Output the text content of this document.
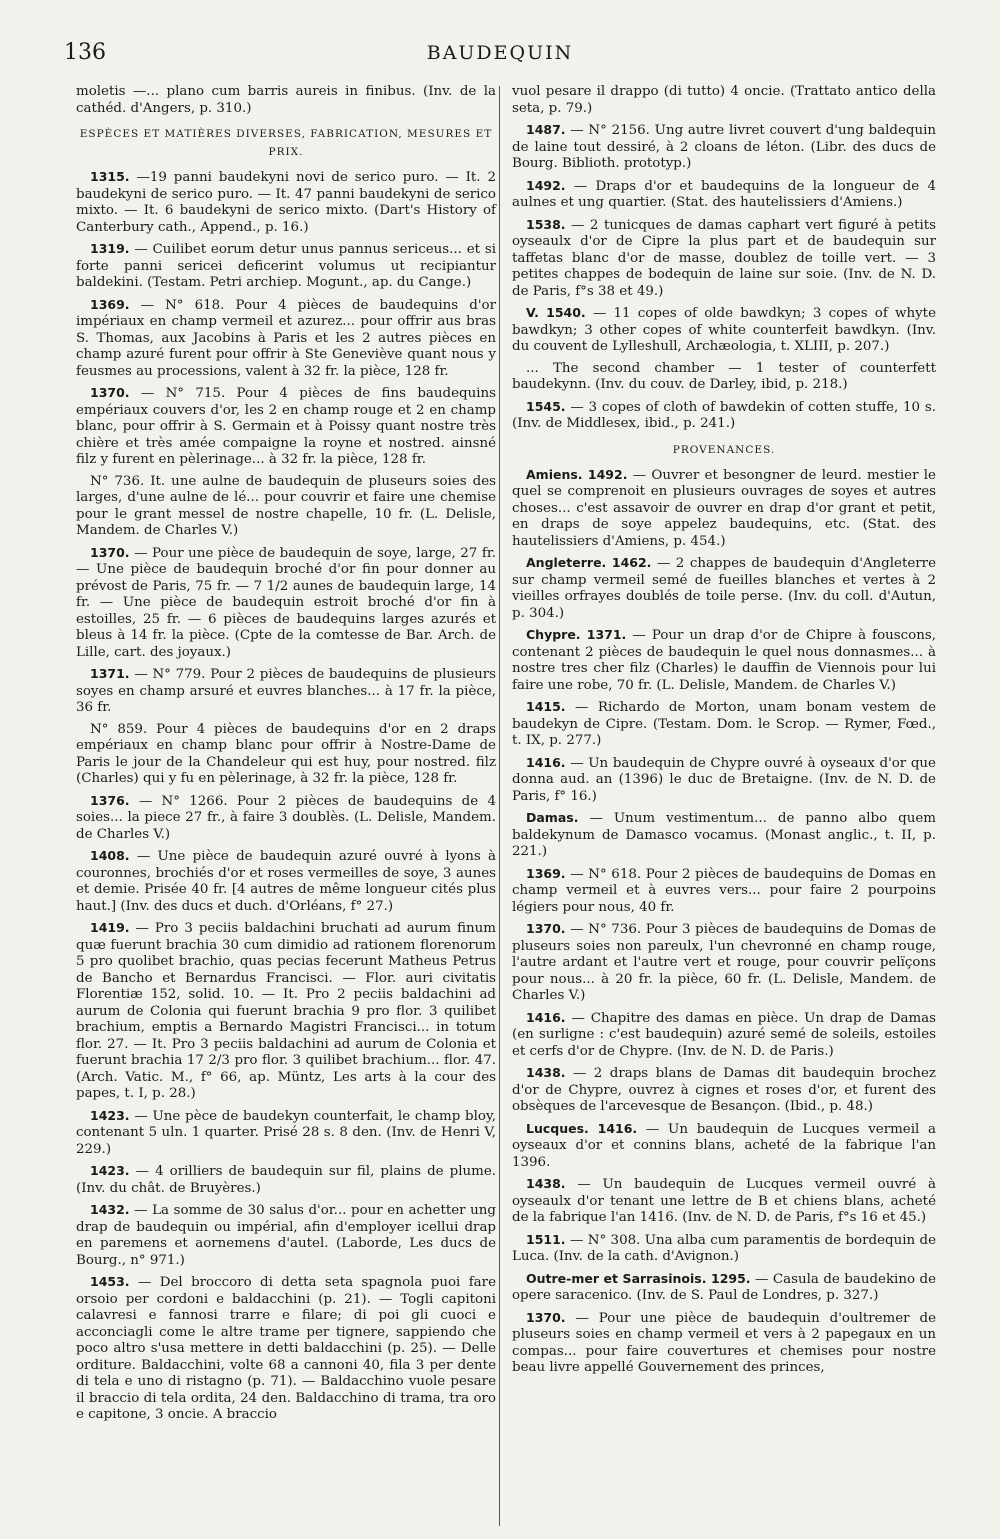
136	BAUDEQUIN

moletis —... plano cum barris aureis in finibus. (Inv. de la cathéd. d'Angers, p. 310.)

ESPÈCES ET MATIÈRES DIVERSES, FABRICATION, MESURES ET PRIX.

1315. —19 panni baudekyni novi de serico puro. — It. 2 baudekyni de serico puro. — It. 47 panni baudekyni de serico mixto. — It. 6 baudekyni de serico mixto. (Dart's History of Canterbury cath., Append., p. 16.)

1319. — Cuilibet eorum detur unus pannus sericeus... et si forte panni sericei deficerint volumus ut recipiantur baldekini. (Testam. Petri archiep. Mogunt., ap. du Cange.)

1369. — N° 618. Pour 4 pièces de baudequins d'or impériaux en champ vermeil et azurez... pour offrir aus bras S. Thomas, aux Jacobins à Paris et les 2 autres pièces en champ azuré furent pour offrir à Ste Geneviève quant nous y feusmes au processions, valent à 32 fr. la pièce, 128 fr.

1370. — N° 715. Pour 4 pièces de fins baudequins empériaux couvers d'or, les 2 en champ rouge et 2 en champ blanc, pour offrir à S. Germain et à Poissy quant nostre très chière et très amée compaigne la royne et nostred. ainsné filz y furent en pèlerinage... à 32 fr. la pièce, 128 fr.

N° 736. It. une aulne de baudequin de pluseurs soies des larges, d'une aulne de lé... pour couvrir et faire une chemise pour le grant messel de nostre chapelle, 10 fr. (L. Delisle, Mandem. de Charles V.)

1370. — Pour une pièce de baudequin de soye, large, 27 fr. — Une pièce de baudequin broché d'or fin pour donner au prévost de Paris, 75 fr. — 7 1/2 aunes de baudequin large, 14 fr. — Une pièce de baudequin estroit broché d'or fin à estoilles, 25 fr. — 6 pièces de baudequins larges azurés et bleus à 14 fr. la pièce. (Cpte de la comtesse de Bar. Arch. de Lille, cart. des joyaux.)

1371. — N° 779. Pour 2 pièces de baudequins de plusieurs soyes en champ arsuré et euvres blanches... à 17 fr. la pièce, 36 fr.

N° 859. Pour 4 pièces de baudequins d'or en 2 draps empériaux en champ blanc pour offrir à Nostre-Dame de Paris le jour de la Chandeleur qui est huy, pour nostred. filz (Charles) qui y fu en pèlerinage, à 32 fr. la pièce, 128 fr.

1376. — N° 1266. Pour 2 pièces de baudequins de 4 soies... la piece 27 fr., à faire 3 doublès. (L. Delisle, Mandem. de Charles V.)

1408. — Une pièce de baudequin azuré ouvré à lyons à couronnes, brochiés d'or et roses vermeilles de soye, 3 aunes et demie. Prisée 40 fr. [4 autres de même longueur cités plus haut.] (Inv. des ducs et duch. d'Orléans, f° 27.)

1419. — Pro 3 peciis baldachini bruchati ad aurum finum quæ fuerunt brachia 30 cum dimidio ad rationem florenorum 5 pro quolibet brachio, quas pecias fecerunt Matheus Petrus de Bancho et Bernardus Francisci. — Flor. auri civitatis Florentiæ 152, solid. 10. — It. Pro 2 peciis baldachini ad aurum de Colonia qui fuerunt brachia 9 pro flor. 3 quilibet brachium, emptis a Bernardo Magistri Francisci... in totum flor. 27. — It. Pro 3 peciis baldachini ad aurum de Colonia et fuerunt brachia 17 2/3 pro flor. 3 quilibet brachium... flor. 47. (Arch. Vatic. M., f° 66, ap. Müntz, Les arts à la cour des papes, t. I, p. 28.)

1423. — Une pèce de baudekyn counterfait, le champ bloy, contenant 5 uln. 1 quarter. Prisé 28 s. 8 den. (Inv. de Henri V, 229.)

1423. — 4 orilliers de baudequin sur fil, plains de plume. (Inv. du chât. de Bruyères.)

1432. — La somme de 30 salus d'or... pour en achetter ung drap de baudequin ou impérial, afin d'employer icellui drap en paremens et aornemens d'autel. (Laborde, Les ducs de Bourg., n° 971.)

1453. — Del broccoro di detta seta spagnola puoi fare orsoio per cordoni e baldacchini (p. 21). — Togli capitoni calavresi e fannosi trarre e filare; di poi gli cuoci e acconciagli come le altre trame per tignere, sappiendo che poco altro s'usa mettere in detti baldacchini (p. 25). — Delle orditure. Baldacchini, volte 68 a cannoni 40, fila 3 per dente di tela e uno di ristagno (p. 71). — Baldacchino vuole pesare il braccio di tela ordita, 24 den. Baldacchino di trama, tra oro e capitone, 3 oncie. A braccio

vuol pesare il drappo (di tutto) 4 oncie. (Trattato antico della seta, p. 79.)

1487. — N° 2156. Ung autre livret couvert d'ung baldequin de laine tout dessiré, à 2 cloans de léton. (Libr. des ducs de Bourg. Biblioth. prototyp.)

1492. — Draps d'or et baudequins de la longueur de 4 aulnes et ung quartier. (Stat. des hautelissiers d'Amiens.)

1538. — 2 tunicques de damas caphart vert figuré à petits oyseaulx d'or de Cipre la plus part et de baudequin sur taffetas blanc d'or de masse, doublez de toille vert. — 3 petites chappes de bodequin de laine sur soie. (Inv. de N. D. de Paris, f°s 38 et 49.)

V. 1540. — 11 copes of olde bawdkyn; 3 copes of whyte bawdkyn; 3 other copes of white counterfeit bawdkyn. (Inv. du couvent de Lylleshull, Archæologia, t. XLIII, p. 207.)

... The second chamber — 1 tester of counterfett baudekynn. (Inv. du couv. de Darley, ibid, p. 218.)

1545. — 3 copes of cloth of bawdekin of cotten stuffe, 10 s. (Inv. de Middlesex, ibid., p. 241.)

PROVENANCES.

Amiens. 1492. — Ouvrer et besongner de leurd. mestier le quel se comprenoit en plusieurs ouvrages de soyes et autres choses... c'est assavoir de ouvrer en drap d'or grant et petit, en draps de soye appelez baudequins, etc. (Stat. des hautelissiers d'Amiens, p. 454.)

Angleterre. 1462. — 2 chappes de baudequin d'Angleterre sur champ vermeil semé de fueilles blanches et vertes à 2 vieilles orfrayes doublés de toile perse. (Inv. du coll. d'Autun, p. 304.)

Chypre. 1371. — Pour un drap d'or de Chipre à fouscons, contenant 2 pièces de baudequin le quel nous donnasmes... à nostre tres cher filz (Charles) le dauffin de Viennois pour lui faire une robe, 70 fr. (L. Delisle, Mandem. de Charles V.)

1415. — Richardo de Morton, unam bonam vestem de baudekyn de Cipre. (Testam. Dom. le Scrop. — Rymer, Fœd., t. IX, p. 277.)

1416. — Un baudequin de Chypre ouvré à oyseaux d'or que donna aud. an (1396) le duc de Bretaigne. (Inv. de N. D. de Paris, f° 16.)

Damas. — Unum vestimentum... de panno albo quem baldekynum de Damasco vocamus. (Monast anglic., t. II, p. 221.)

1369. — N° 618. Pour 2 pièces de baudequins de Domas en champ vermeil et à euvres vers... pour faire 2 pourpoins légiers pour nous, 40 fr.

1370. — N° 736. Pour 3 pièces de baudequins de Domas de pluseurs soies non pareulx, l'un chevronné en champ rouge, l'autre ardant et l'autre vert et rouge, pour couvrir pelïçons pour nous... à 20 fr. la pièce, 60 fr. (L. Delisle, Mandem. de Charles V.)

1416. — Chapitre des damas en pièce. Un drap de Damas (en surligne : c'est baudequin) azuré semé de soleils, estoiles et cerfs d'or de Chypre. (Inv. de N. D. de Paris.)

1438. — 2 draps blans de Damas dit baudequin brochez d'or de Chypre, ouvrez à cignes et roses d'or, et furent des obsèques de l'arcevesque de Besançon. (Ibid., p. 48.)

Lucques. 1416. — Un baudequin de Lucques vermeil a oyseaux d'or et connins blans, acheté de la fabrique l'an 1396.

1438. — Un baudequin de Lucques vermeil ouvré à oyseaulx d'or tenant une lettre de B et chiens blans, acheté de la fabrique l'an 1416. (Inv. de N. D. de Paris, f°s 16 et 45.)

1511. — N° 308. Una alba cum paramentis de bordequin de Luca. (Inv. de la cath. d'Avignon.)

Outre-mer et Sarrasinois. 1295. — Casula de baudekino de opere saracenico. (Inv. de S. Paul de Londres, p. 327.)

1370. — Pour une pièce de baudequin d'oultremer de pluseurs soies en champ vermeil et vers à 2 papegaux en un compas... pour faire couvertures et chemises pour nostre beau livre appellé Gouvernement des princes,
